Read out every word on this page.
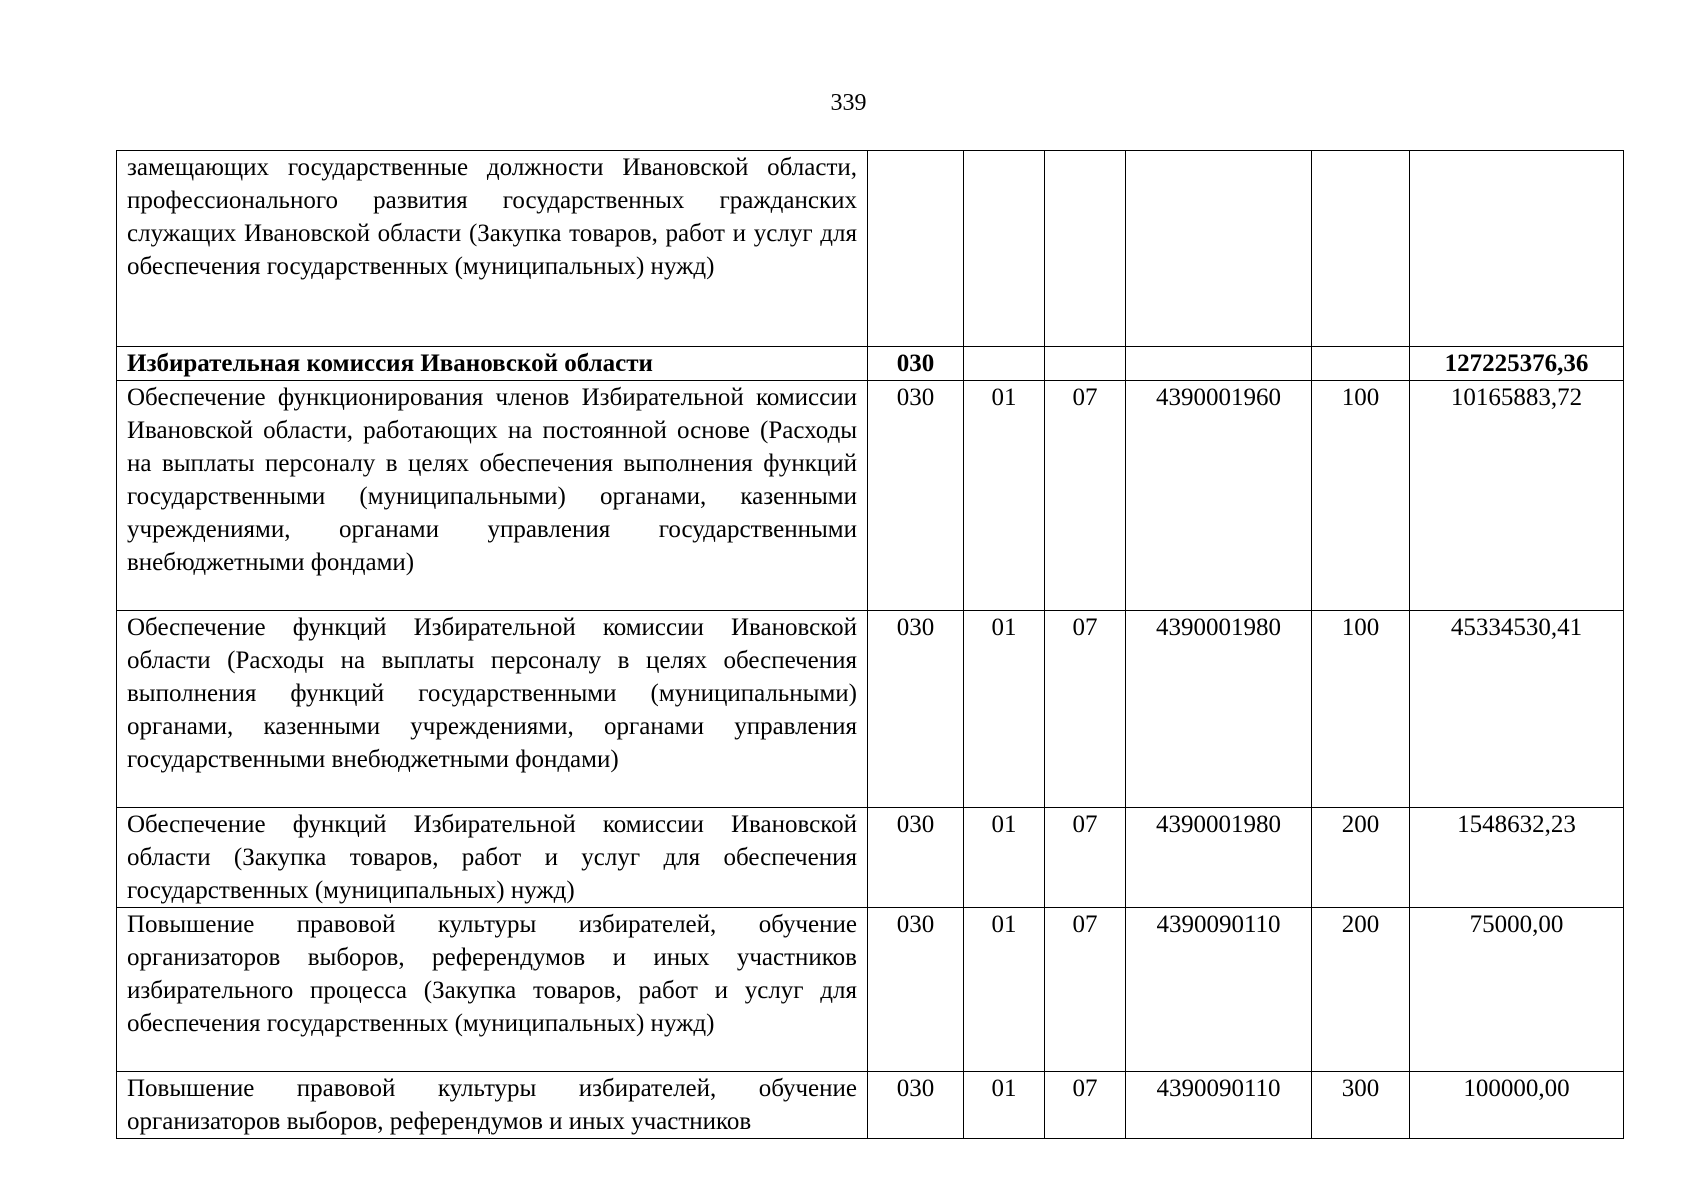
339
замещающих государственные должности Ивановской области, профессионального развития государственных гражданских служащих Ивановской области (Закупка товаров, работ и услуг для обеспечения государственных (муниципальных) нужд)						
Избирательная комиссия Ивановской области	030					127225376,36
Обеспечение функционирования членов Избирательной комиссии Ивановской области, работающих на постоянной основе (Расходы на выплаты персоналу в целях обеспечения выполнения функций государственными (муниципальными) органами, казенными учреждениями, органами управления государственными внебюджетными фондами)	030	01	07	4390001960	100	10165883,72
Обеспечение функций Избирательной комиссии Ивановской области (Расходы на выплаты персоналу в целях обеспечения выполнения функций государственными (муниципальными) органами, казенными учреждениями, органами управления государственными внебюджетными фондами)	030	01	07	4390001980	100	45334530,41
Обеспечение функций Избирательной комиссии Ивановской области (Закупка товаров, работ и услуг для обеспечения государственных (муниципальных) нужд)	030	01	07	4390001980	200	1548632,23
Повышение правовой культуры избирателей, обучение организаторов выборов, референдумов и иных участников избирательного процесса (Закупка товаров, работ и услуг для обеспечения государственных (муниципальных) нужд)	030	01	07	4390090110	200	75000,00
Повышение правовой культуры избирателей, обучение организаторов выборов, референдумов и иных участников	030	01	07	4390090110	300	100000,00
